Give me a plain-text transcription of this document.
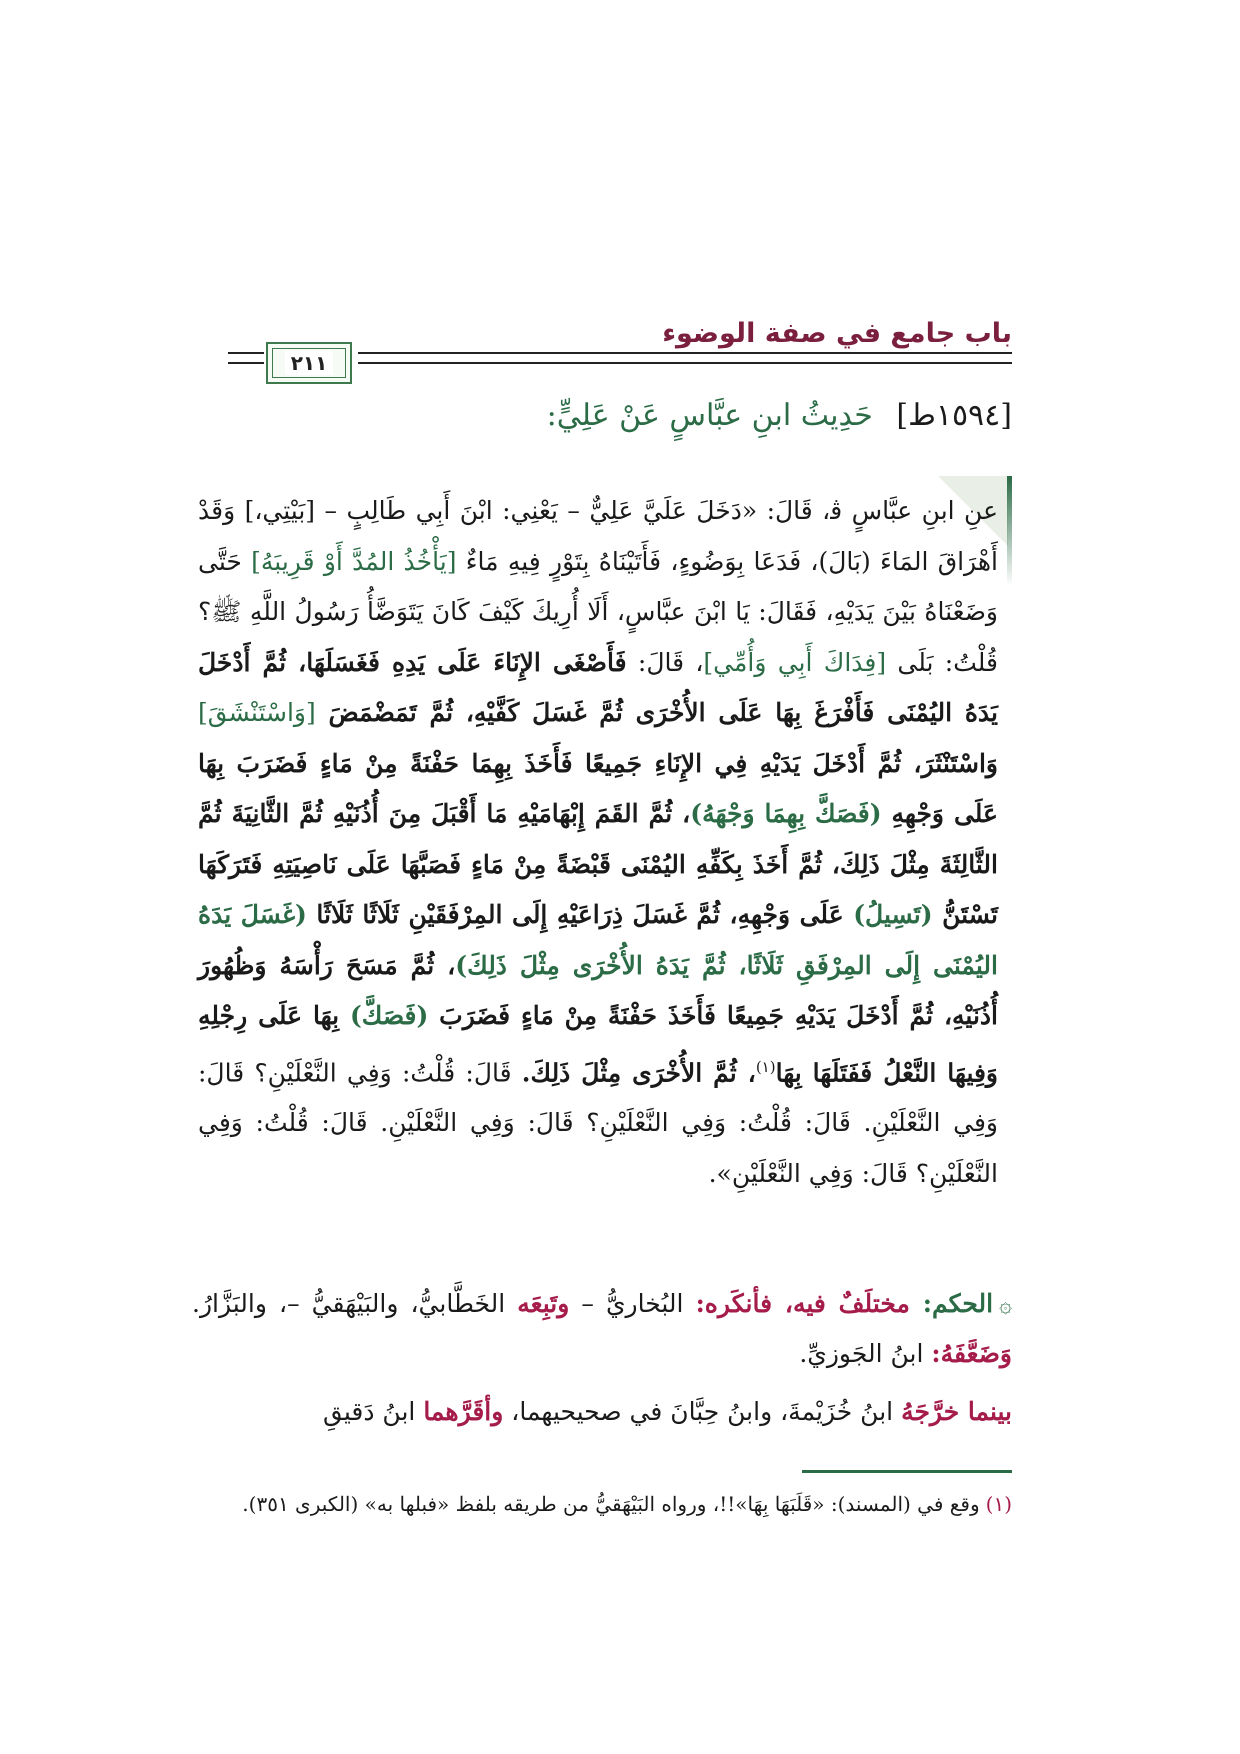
باب جامع في صفة الوضوء
٢١١
[١٥٩٤ط] حَدِيثُ ابنِ عبَّاسٍ عَنْ عَلِيٍّ:
عنِ ابنِ عبَّاسٍ ﭬ، قَالَ: «دَخَلَ عَلَيَّ عَلِيٌّ – يَعْنِي: ابْنَ أَبِي طَالِبٍ – [بَيْتِي،] وَقَدْ أَهْرَاقَ المَاءَ (بَالَ)، فَدَعَا بِوَضُوءٍ، فَأَتَيْنَاهُ بِتَوْرٍ فِيهِ مَاءٌ [يَأْخُذُ المُدَّ أَوْ قَرِيبَهُ] حَتَّى وَضَعْنَاهُ بَيْنَ يَدَيْهِ، فَقَالَ: يَا ابْنَ عبَّاسٍ، أَلَا أُرِيكَ كَيْفَ كَانَ يَتَوَضَّأُ رَسُولُ اللَّهِ ﷺ؟ قُلْتُ: بَلَى [فِدَاكَ أَبِي وَأُمِّي]، قَالَ: فَأَصْغَى الإِنَاءَ عَلَى يَدِهِ فَغَسَلَهَا، ثُمَّ أَدْخَلَ يَدَهُ اليُمْنَى فَأَفْرَغَ بِهَا عَلَى الأُخْرَى ثُمَّ غَسَلَ كَفَّيْهِ، ثُمَّ تَمَضْمَضَ [وَاسْتَنْشَقَ] وَاسْتَنْثَرَ، ثُمَّ أَدْخَلَ يَدَيْهِ فِي الإِنَاءِ جَمِيعًا فَأَخَذَ بِهِمَا حَفْنَةً مِنْ مَاءٍ فَضَرَبَ بِهَا عَلَى وَجْهِهِ (فَصَكَّ بِهِمَا وَجْهَهُ)، ثُمَّ القَمَ إِبْهَامَيْهِ مَا أَقْبَلَ مِنَ أُذُنَيْهِ ثُمَّ الثَّانِيَةَ ثُمَّ الثَّالِثَةَ مِثْلَ ذَلِكَ، ثُمَّ أَخَذَ بِكَفِّهِ اليُمْنَى قَبْضَةً مِنْ مَاءٍ فَصَبَّهَا عَلَى نَاصِيَتِهِ فَتَرَكَهَا تَسْتَنُّ (تَسِيلُ) عَلَى وَجْهِهِ، ثُمَّ غَسَلَ ذِرَاعَيْهِ إِلَى المِرْفَقَيْنِ ثَلَاثًا ثَلَاثًا (غَسَلَ يَدَهُ اليُمْنَى إِلَى المِرْفَقِ ثَلَاثًا، ثُمَّ يَدَهُ الأُخْرَى مِثْلَ ذَلِكَ)، ثُمَّ مَسَحَ رَأْسَهُ وَظُهُورَ أُذُنَيْهِ، ثُمَّ أَدْخَلَ يَدَيْهِ جَمِيعًا فَأَخَذَ حَفْنَةً مِنْ مَاءٍ فَضَرَبَ (فَصَكَّ) بِهَا عَلَى رِجْلِهِ وَفِيهَا النَّعْلُ فَفَتَلَهَا بِهَا$^{(١)}$، ثُمَّ الأُخْرَى مِثْلَ ذَلِكَ. قَالَ: قُلْتُ: وَفِي النَّعْلَيْنِ؟ قَالَ: وَفِي النَّعْلَيْنِ. قَالَ: قُلْتُ: وَفِي النَّعْلَيْنِ؟ قَالَ: وَفِي النَّعْلَيْنِ. قَالَ: قُلْتُ: وَفِي النَّعْلَيْنِ؟ قَالَ: وَفِي النَّعْلَيْنِ».
۞الحكم: مختلَفٌ فيه، فأنكَره: البُخاريُّ – وتَبِعَه الخَطَّابيُّ، والبَيْهَقيُّ –، والبَزَّارُ. وَضَعَّفَهُ: ابنُ الجَوزيِّ.
بينما خرَّجَهُ ابنُ خُزَيْمةَ، وابنُ حِبَّانَ في صحيحيهما، وأقَرَّهما ابنُ دَقيقِ
(١)وقع في (المسند): «قَلَبَهَا بِهَا»!!، ورواه البَيْهَقيُّ من طريقه بلفظ «فبلها به» (الكبرى ٣٥١).
